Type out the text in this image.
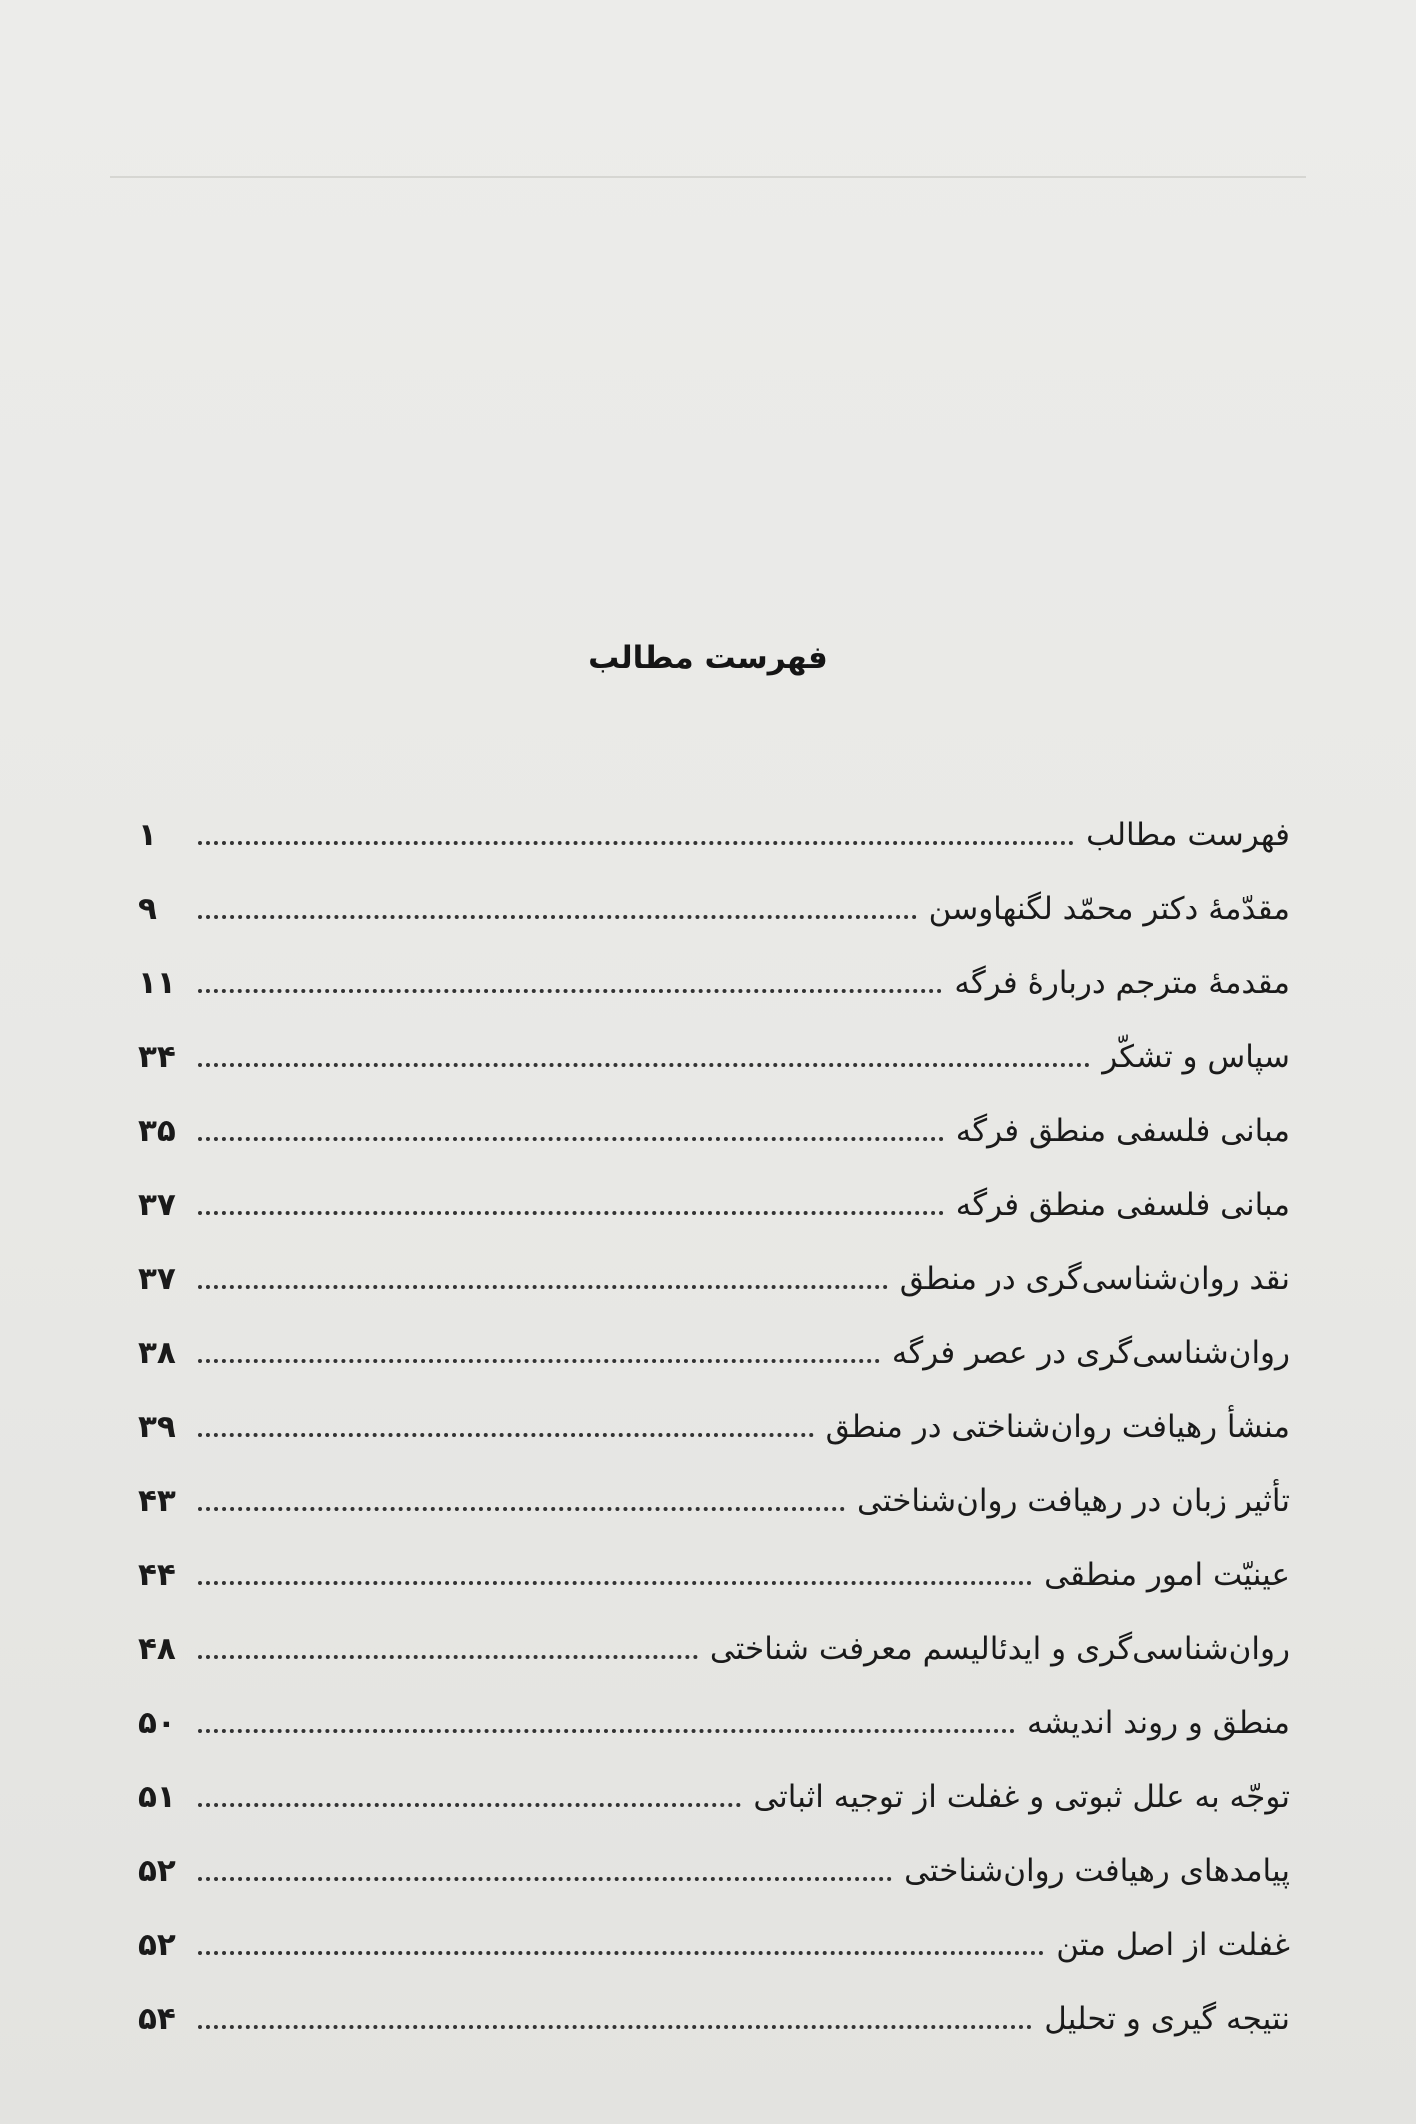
فهرست مطالب
فهرست مطالب
۱
مقدّمهٔ دکتر محمّد لگنهاوسن
۹
مقدمهٔ مترجم دربارهٔ فرگه
۱۱
سپاس و تشکّر
۳۴
مبانی فلسفی منطق فرگه
۳۵
مبانی فلسفی منطق فرگه
۳۷
نقد روان‌شناسی‌گری در منطق
۳۷
روان‌شناسی‌گری در عصر فرگه
۳۸
منشأ رهیافت روان‌شناختی در منطق
۳۹
تأثیر زبان در رهیافت روان‌شناختی
۴۳
عینیّت امور منطقی
۴۴
روان‌شناسی‌گری و ایدئالیسم معرفت شناختی
۴۸
منطق و روند اندیشه
۵۰
توجّه به علل ثبوتی و غفلت از توجیه اثباتی
۵۱
پیامدهای رهیافت روان‌شناختی
۵۲
غفلت از اصل متن
۵۲
نتیجه گیری و تحلیل
۵۴
